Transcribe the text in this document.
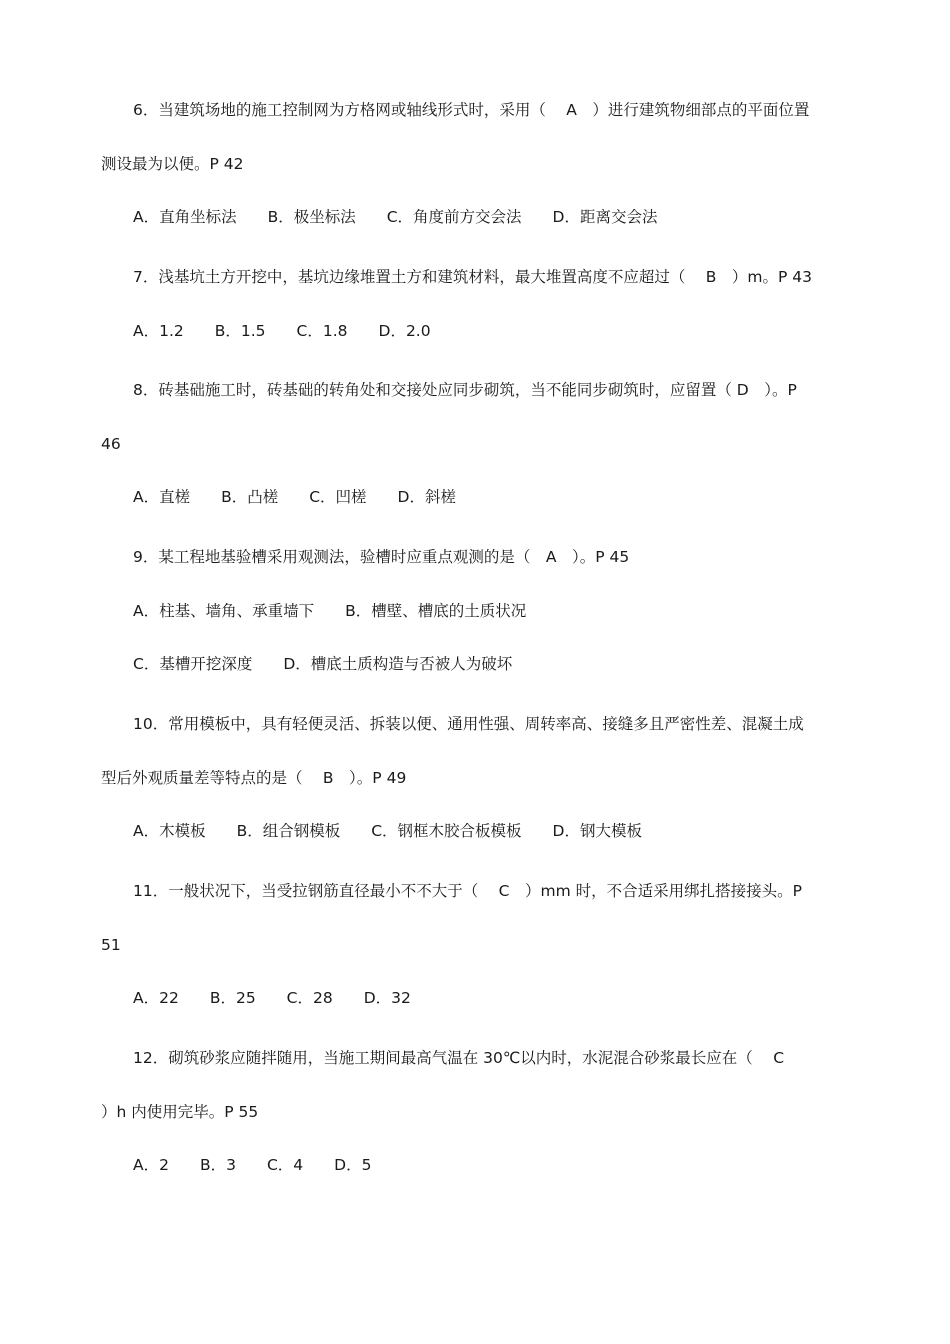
6．当建筑场地的施工控制网为方格网或轴线形式时，采用（　 A　）进行建筑物细部点的平面位置
测设最为以便。P 42
A．直角坐标法　　B．极坐标法　　C．角度前方交会法　　D．距离交会法
7．浅基坑土方开挖中，基坑边缘堆置土方和建筑材料，最大堆置高度不应超过（　 B　）m。P 43
A．1.2　　B．1.5　　C．1.8　　D．2.0
8．砖基础施工时，砖基础的转角处和交接处应同步砌筑，当不能同步砌筑时，应留置（ D　）。P
46
A．直槎　　B．凸槎　　C．凹槎　　D．斜槎
9．某工程地基验槽采用观测法，验槽时应重点观测的是（　A　）。P 45
A．柱基、墙角、承重墙下　　B．槽壁、槽底的土质状况
C．基槽开挖深度　　D．槽底土质构造与否被人为破坏
10．常用模板中，具有轻便灵活、拆装以便、通用性强、周转率高、接缝多且严密性差、混凝土成
型后外观质量差等特点的是（　 B　）。P 49
A．木模板　　B．组合钢模板　　C．钢框木胶合板模板　　D．钢大模板
11．一般状况下，当受拉钢筋直径最小不不大于（　 C　）mm 时，不合适采用绑扎搭接接头。P
51
A．22　　B．25　　C．28　　D．32
12．砌筑砂浆应随拌随用，当施工期间最高气温在 30℃以内时，水泥混合砂浆最长应在（　 C
）h 内使用完毕。P 55
A．2　　B．3　　C．4　　D．5
